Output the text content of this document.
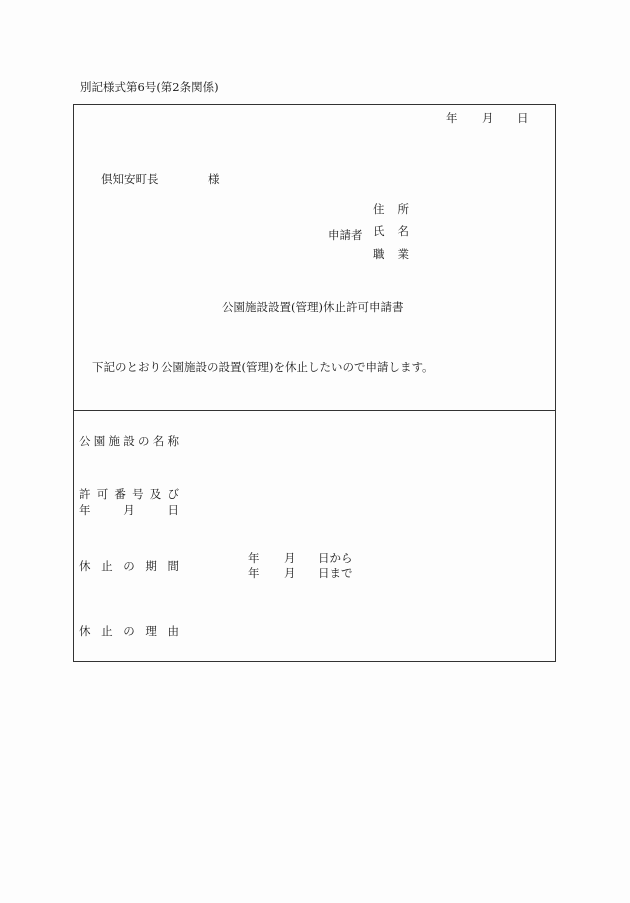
別記様式第6号(第2条関係)
年 月 日
倶知安町長	様
申請者
住 所
氏 名
職 業
公園施設設置(管理)休止許可申請書
下記のとおり公園施設の設置(管理)を休止したいので申請します。
公 園 施 設 の 名 称
許 可 番 号 及 び
年	月	日
休 止 の 期 間
年 月 日から
年 月 日まで
休 止 の 理 由
